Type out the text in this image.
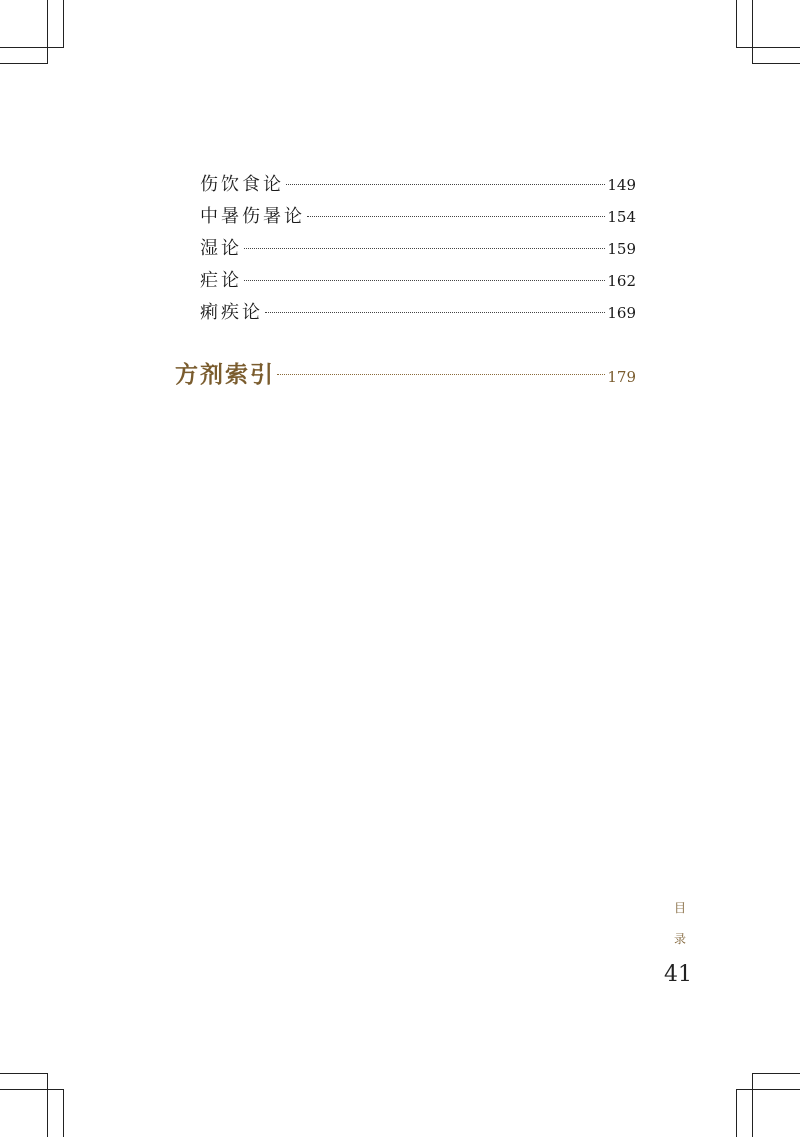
伤饮食论	149
中暑伤暑论	154
湿论	159
疟论	162
痢疾论	169
方剂索引	179
目
录
41
